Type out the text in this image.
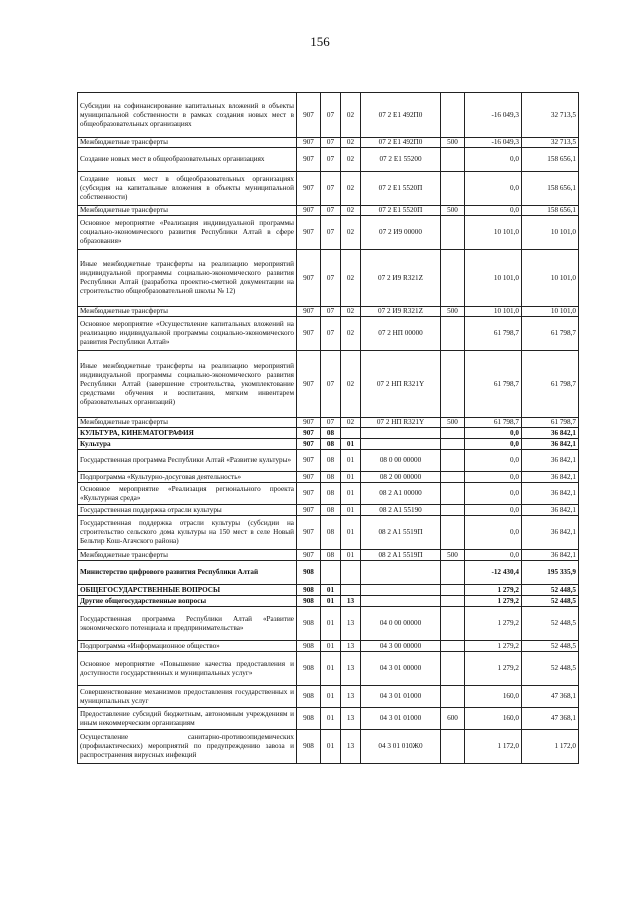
156
Субсидии на софинансирование капитальных вложений в объекты муниципальной собственности в рамках создания новых мест в общеобразовательных организациях	907	07	02	07 2 E1 492П0		-16 049,3	32 713,5
Межбюджетные трансферты	907	07	02	07 2 E1 492П0	500	-16 049,3	32 713,5
Создание новых мест в общеобразовательных организациях	907	07	02	07 2 E1 55200		0,0	158 656,1
Создание новых мест в общеобразовательных организациях (субсидия на капитальные вложения в объекты муниципальной собственности)	907	07	02	07 2 E1 5520П		0,0	158 656,1
Межбюджетные трансферты	907	07	02	07 2 E1 5520П	500	0,0	158 656,1
Основное мероприятие «Реализация индивидуальной программы социально-экономического развития Республики Алтай в сфере образования»	907	07	02	07 2 И9 00000		10 101,0	10 101,0
Иные межбюджетные трансферты на реализацию мероприятий индивидуальной программы социально-экономического развития Республики Алтай (разработка проектно-сметной документации на строительство общеобразовательной школы № 12)	907	07	02	07 2 И9 R321Z		10 101,0	10 101,0
Межбюджетные трансферты	907	07	02	07 2 И9 R321Z	500	10 101,0	10 101,0
Основное мероприятие «Осуществление капитальных вложений на реализацию индивидуальной программы социально-экономического развития Республики Алтай»	907	07	02	07 2 НП 00000		61 798,7	61 798,7
Иные межбюджетные трансферты на реализацию мероприятий индивидуальной программы социально-экономического развития Республики Алтай (завершение строительства, укомплектование средствами обучения и воспитания, мягким инвентарем образовательных организаций)	907	07	02	07 2 НП R321Y		61 798,7	61 798,7
Межбюджетные трансферты	907	07	02	07 2 НП R321Y	500	61 798,7	61 798,7
КУЛЬТУРА, КИНЕМАТОГРАФИЯ	907	08				0,0	36 842,1
Культура	907	08	01			0,0	36 842,1
Государственная программа Республики Алтай «Развитие культуры»	907	08	01	08 0 00 00000		0,0	36 842,1
Подпрограмма «Культурно-досуговая деятельность»	907	08	01	08 2 00 00000		0,0	36 842,1
Основное мероприятие «Реализация регионального проекта «Культурная среда»	907	08	01	08 2 A1 00000		0,0	36 842,1
Государственная поддержка отрасли культуры	907	08	01	08 2 A1 55190		0,0	36 842,1
Государственная поддержка отрасли культуры (субсидии на строительство сельского дома культуры на 150 мест в селе Новый Бельтир Кош-Агачского района)	907	08	01	08 2 A1 5519П		0,0	36 842,1
Межбюджетные трансферты	907	08	01	08 2 A1 5519П	500	0,0	36 842,1
Министерство цифрового развития Республики Алтай	908					-12 430,4	195 335,9
ОБЩЕГОСУДАРСТВЕННЫЕ ВОПРОСЫ	908	01				1 279,2	52 448,5
Другие общегосударственные вопросы	908	01	13			1 279,2	52 448,5
Государственная программа Республики Алтай «Развитие экономического потенциала и предпринимательства»	908	01	13	04 0 00 00000		1 279,2	52 448,5
Подпрограмма «Информационное общество»	908	01	13	04 3 00 00000		1 279,2	52 448,5
Основное мероприятие «Повышение качества предоставления и доступности государственных и муниципальных услуг»	908	01	13	04 3 01 00000		1 279,2	52 448,5
Совершенствование механизмов предоставления государственных и муниципальных услуг	908	01	13	04 3 01 01000		160,0	47 368,1
Предоставление субсидий бюджетным, автономным учреждениям и иным некоммерческим организациям	908	01	13	04 3 01 01000	600	160,0	47 368,1
Осуществление санитарно-противоэпидемических (профилактических) мероприятий по предупреждению завоза и распространения вирусных инфекций	908	01	13	04 3 01 010Ж0		1 172,0	1 172,0
